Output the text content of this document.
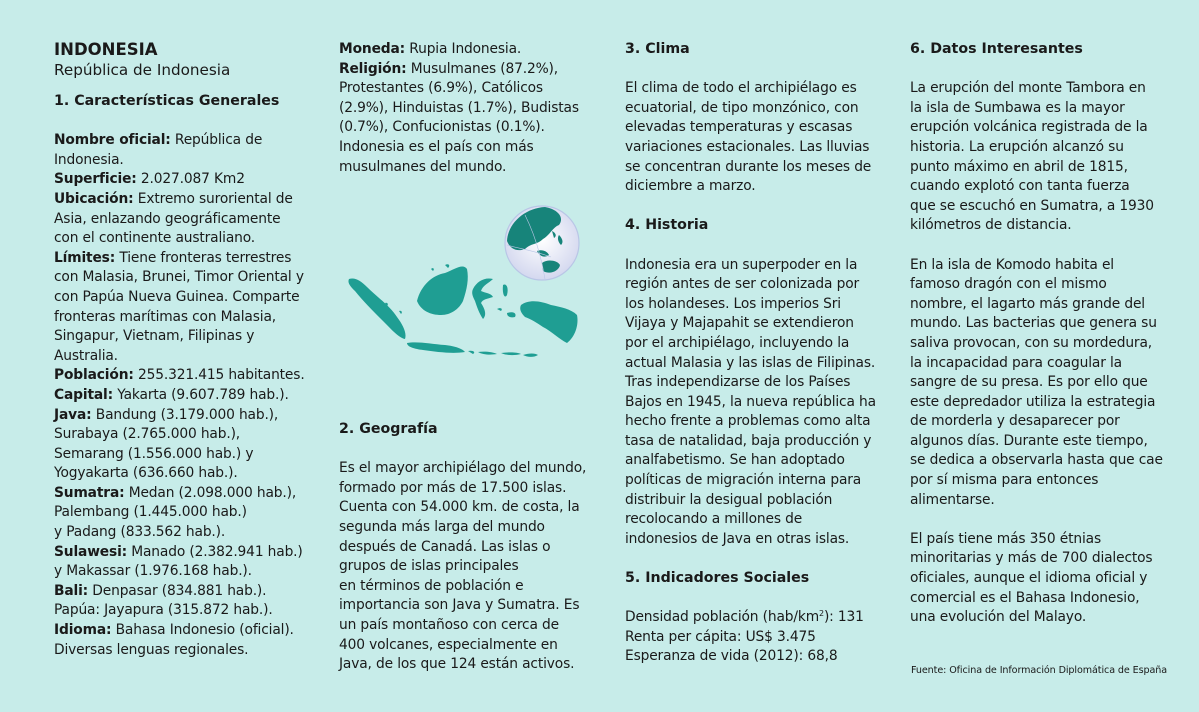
INDONESIA

República de Indonesia

1. Características Generales

Nombre oficial: República de
Indonesia.
Superficie: 2.027.087 Km2
Ubicación: Extremo suroriental de
Asia, enlazando geográficamente
con el continente australiano.
Límites: Tiene fronteras terrestres
con Malasia, Brunei, Timor Oriental y
con Papúa Nueva Guinea. Comparte
fronteras marítimas con Malasia,
Singapur, Vietnam, Filipinas y
Australia.
Población: 255.321.415 habitantes.
Capital: Yakarta (9.607.789 hab.).
Java: Bandung (3.179.000 hab.),
Surabaya (2.765.000 hab.),
Semarang (1.556.000 hab.) y
Yogyakarta (636.660 hab.).
Sumatra: Medan (2.098.000 hab.),
Palembang (1.445.000 hab.)
y Padang (833.562 hab.).
Sulawesi: Manado (2.382.941 hab.)
y Makassar (1.976.168 hab.).
Bali: Denpasar (834.881 hab.).
Papúa: Jayapura (315.872 hab.).
Idioma: Bahasa Indonesio (oficial).
Diversas lenguas regionales.
Moneda: Rupia Indonesia.
Religión: Musulmanes (87.2%),
Protestantes (6.9%), Católicos
(2.9%), Hinduistas (1.7%), Budistas
(0.7%), Confucionistas (0.1%).
Indonesia es el país con más
musulmanes del mundo.

2. Geografía

Es el mayor archipiélago del mundo,
formado por más de 17.500 islas.
Cuenta con 54.000 km. de costa, la
segunda más larga del mundo
después de Canadá. Las islas o
grupos de islas principales
en términos de población e
importancia son Java y Sumatra. Es
un país montañoso con cerca de
400 volcanes, especialmente en
Java, de los que 124 están activos.

3. Clima

El clima de todo el archipiélago es
ecuatorial, de tipo monzónico, con
elevadas temperaturas y escasas
variaciones estacionales. Las lluvias
se concentran durante los meses de
diciembre a marzo.

4. Historia

Indonesia era un superpoder en la
región antes de ser colonizada por
los holandeses. Los imperios Sri
Vijaya y Majapahit se extendieron
por el archipiélago, incluyendo la
actual Malasia y las islas de Filipinas.
Tras independizarse de los Países
Bajos en 1945, la nueva república ha
hecho frente a problemas como alta
tasa de natalidad, baja producción y
analfabetismo. Se han adoptado
políticas de migración interna para
distribuir la desigual población
recolocando a millones de
indonesios de Java en otras islas.

5. Indicadores Sociales

Densidad población $(hab/km^2)$: 131
Renta per cápita: US$ 3.475
Esperanza de vida (2012): 68,8

6. Datos Interesantes

La erupción del monte Tambora en
la isla de Sumbawa es la mayor
erupción volcánica registrada de la
historia. La erupción alcanzó su
punto máximo en abril de 1815,
cuando explotó con tanta fuerza
que se escuchó en Sumatra, a 1930
kilómetros de distancia.
En la isla de Komodo habita el
famoso dragón con el mismo
nombre, el lagarto más grande del
mundo. Las bacterias que genera su
saliva provocan, con su mordedura,
la incapacidad para coagular la
sangre de su presa. Es por ello que
este depredador utiliza la estrategia
de morderla y desaparecer por
algunos días. Durante este tiempo,
se dedica a observarla hasta que cae
por sí misma para entonces
alimentarse.
El país tiene más 350 étnias
minoritarias y más de 700 dialectos
oficiales, aunque el idioma oficial y
comercial es el Bahasa Indonesio,
una evolución del Malayo.
Fuente: Oficina de Información Diplomática de España
